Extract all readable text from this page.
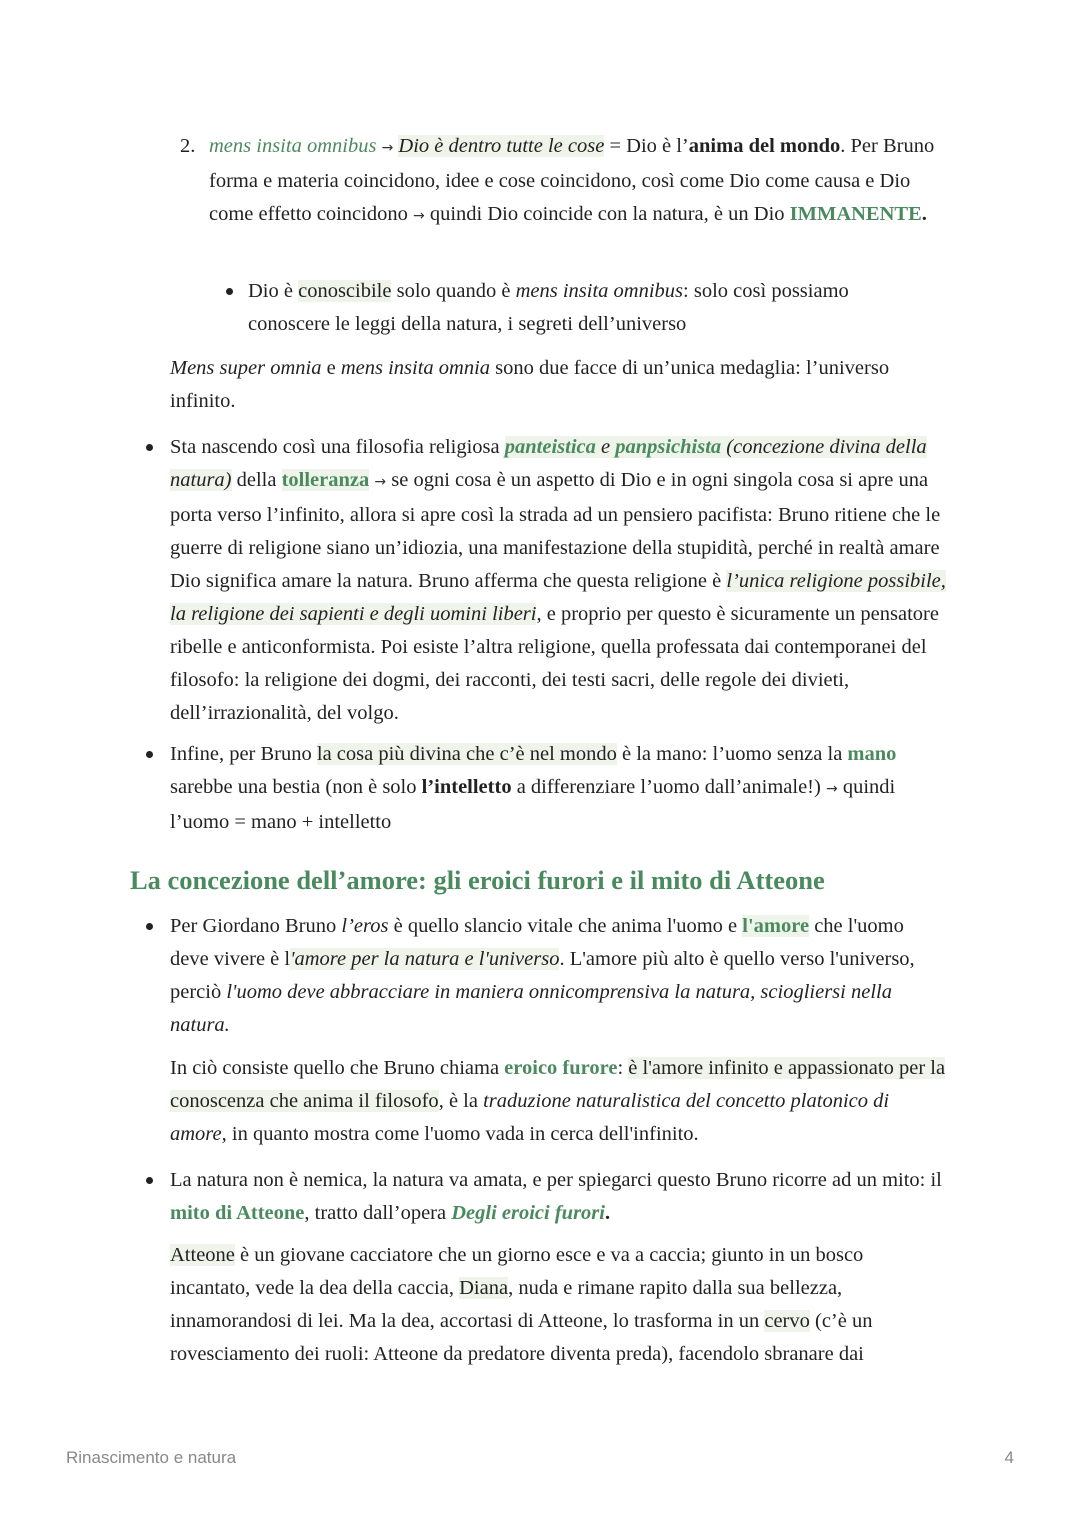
2. mens insita omnibus → Dio è dentro tutte le cose = Dio è l’anima del mondo. Per Bruno forma e materia coincidono, idee e cose coincidono, così come Dio come causa e Dio come effetto coincidono → quindi Dio coincide con la natura, è un Dio IMMANENTE.

Dio è conoscibile solo quando è mens insita omnibus: solo così possiamo conoscere le leggi della natura, i segreti dell’universo

Mens super omnia e mens insita omnia sono due facce di un’unica medaglia: l’universo infinito.

Sta nascendo così una filosofia religiosa panteistica e panpsichista (concezione divina della natura) della tolleranza → se ogni cosa è un aspetto di Dio e in ogni singola cosa si apre una porta verso l’infinito, allora si apre così la strada ad un pensiero pacifista: Bruno ritiene che le guerre di religione siano un’idiozia, una manifestazione della stupidità, perché in realtà amare Dio significa amare la natura. Bruno afferma che questa religione è l’unica religione possibile, la religione dei sapienti e degli uomini liberi, e proprio per questo è sicuramente un pensatore ribelle e anticonformista. Poi esiste l’altra religione, quella professata dai contemporanei del filosofo: la religione dei dogmi, dei racconti, dei testi sacri, delle regole dei divieti, dell’irrazionalità, del volgo.

Infine, per Bruno la cosa più divina che c’è nel mondo è la mano: l’uomo senza la mano sarebbe una bestia (non è solo l’intelletto a differenziare l’uomo dall’animale!) → quindi l’uomo = mano + intelletto

La concezione dell’amore: gli eroici furori e il mito di Atteone

Per Giordano Bruno l’eros è quello slancio vitale che anima l'uomo e l'amore che l'uomo deve vivere è l'amore per la natura e l'universo. L'amore più alto è quello verso l'universo, perciò l'uomo deve abbracciare in maniera onnicomprensiva la natura, sciogliersi nella natura.

In ciò consiste quello che Bruno chiama eroico furore: è l'amore infinito e appassionato per la conoscenza che anima il filosofo, è la traduzione naturalistica del concetto platonico di amore, in quanto mostra come l'uomo vada in cerca dell'infinito.

La natura non è nemica, la natura va amata, e per spiegarci questo Bruno ricorre ad un mito: il mito di Atteone, tratto dall’opera Degli eroici furori.

Atteone è un giovane cacciatore che un giorno esce e va a caccia; giunto in un bosco incantato, vede la dea della caccia, Diana, nuda e rimane rapito dalla sua bellezza, innamorandosi di lei. Ma la dea, accortasi di Atteone, lo trasforma in un cervo (c’è un rovesciamento dei ruoli: Atteone da predatore diventa preda), facendolo sbranare dai

Rinascimento e natura	4
